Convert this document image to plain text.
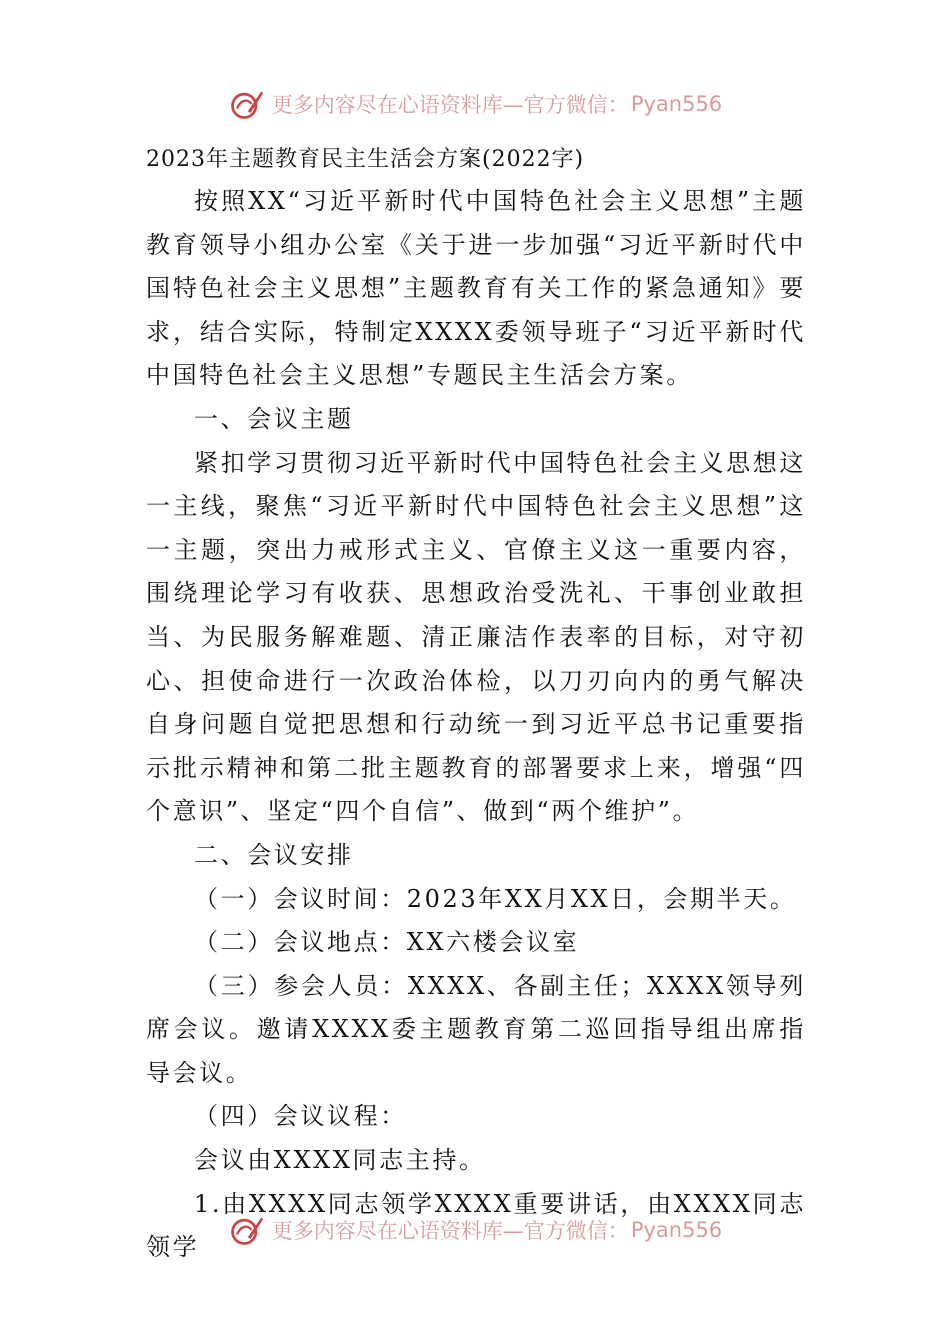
更多内容尽在心语资料库—官方微信： Pyan556

2023年主题教育民主生活会方案(2022字)

按照XX“习近平新时代中国特色社会主义思想”主题教育领导小组办公室《关于进一步加强“习近平新时代中国特色社会主义思想”主题教育有关工作的紧急通知》要求，结合实际，特制定XXXX委领导班子“习近平新时代中国特色社会主义思想”专题民主生活会方案。

一、会议主题

紧扣学习贯彻习近平新时代中国特色社会主义思想这一主线，聚焦“习近平新时代中国特色社会主义思想”这一主题，突出力戒形式主义、官僚主义这一重要内容，围绕理论学习有收获、思想政治受洗礼、干事创业敢担当、为民服务解难题、清正廉洁作表率的目标，对守初心、担使命进行一次政治体检，以刀刃向内的勇气解决自身问题自觉把思想和行动统一到习近平总书记重要指示批示精神和第二批主题教育的部署要求上来，增强“四个意识”、坚定“四个自信”、做到“两个维护”。

二、会议安排

（一）会议时间：2023年XX月XX日，会期半天。

（二）会议地点：XX六楼会议室

（三）参会人员：XXXX、各副主任；XXXX领导列席会议。邀请XXXX委主题教育第二巡回指导组出席指导会议。

（四）会议议程：

会议由XXXX同志主持。

1.由XXXX同志领学XXXX重要讲话，由XXXX同志领学

更多内容尽在心语资料库—官方微信： Pyan556
